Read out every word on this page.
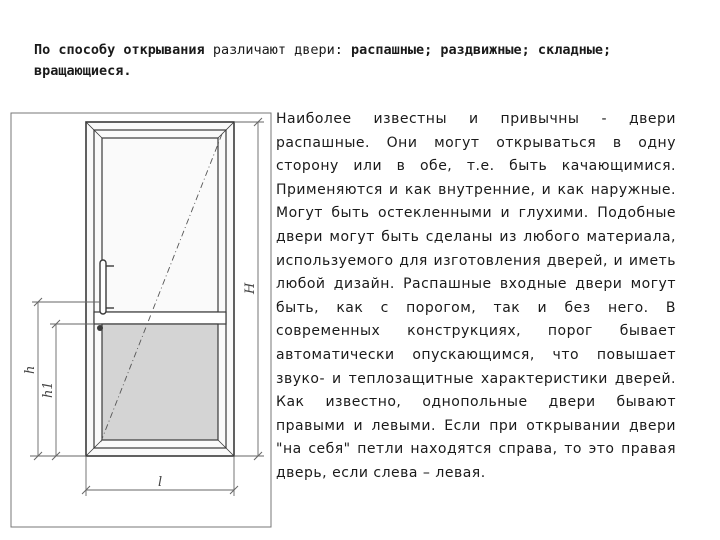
По способу открывания различают двери: распашные; раздвижные; складные; вращающиеся.

h
h1
H
l

Наиболее известны и привычны - двери распашные. Они могут открываться в одну сторону или в обе, т.е. быть качающимися. Применяются и как внутренние, и как наружные. Могут быть остекленными и глухими. Подобные двери могут быть сделаны из любого материала, используемого для изготовления дверей, и иметь любой дизайн. Распашные входные двери могут быть, как с порогом, так и без него. В современных конструкциях, порог бывает автоматически опускающимся, что повышает звуко- и теплозащитные характеристики дверей. Как известно, однопольные двери бывают правыми и левыми. Если при открывании двери "на себя" петли находятся справа, то это правая дверь, если слева – левая.
